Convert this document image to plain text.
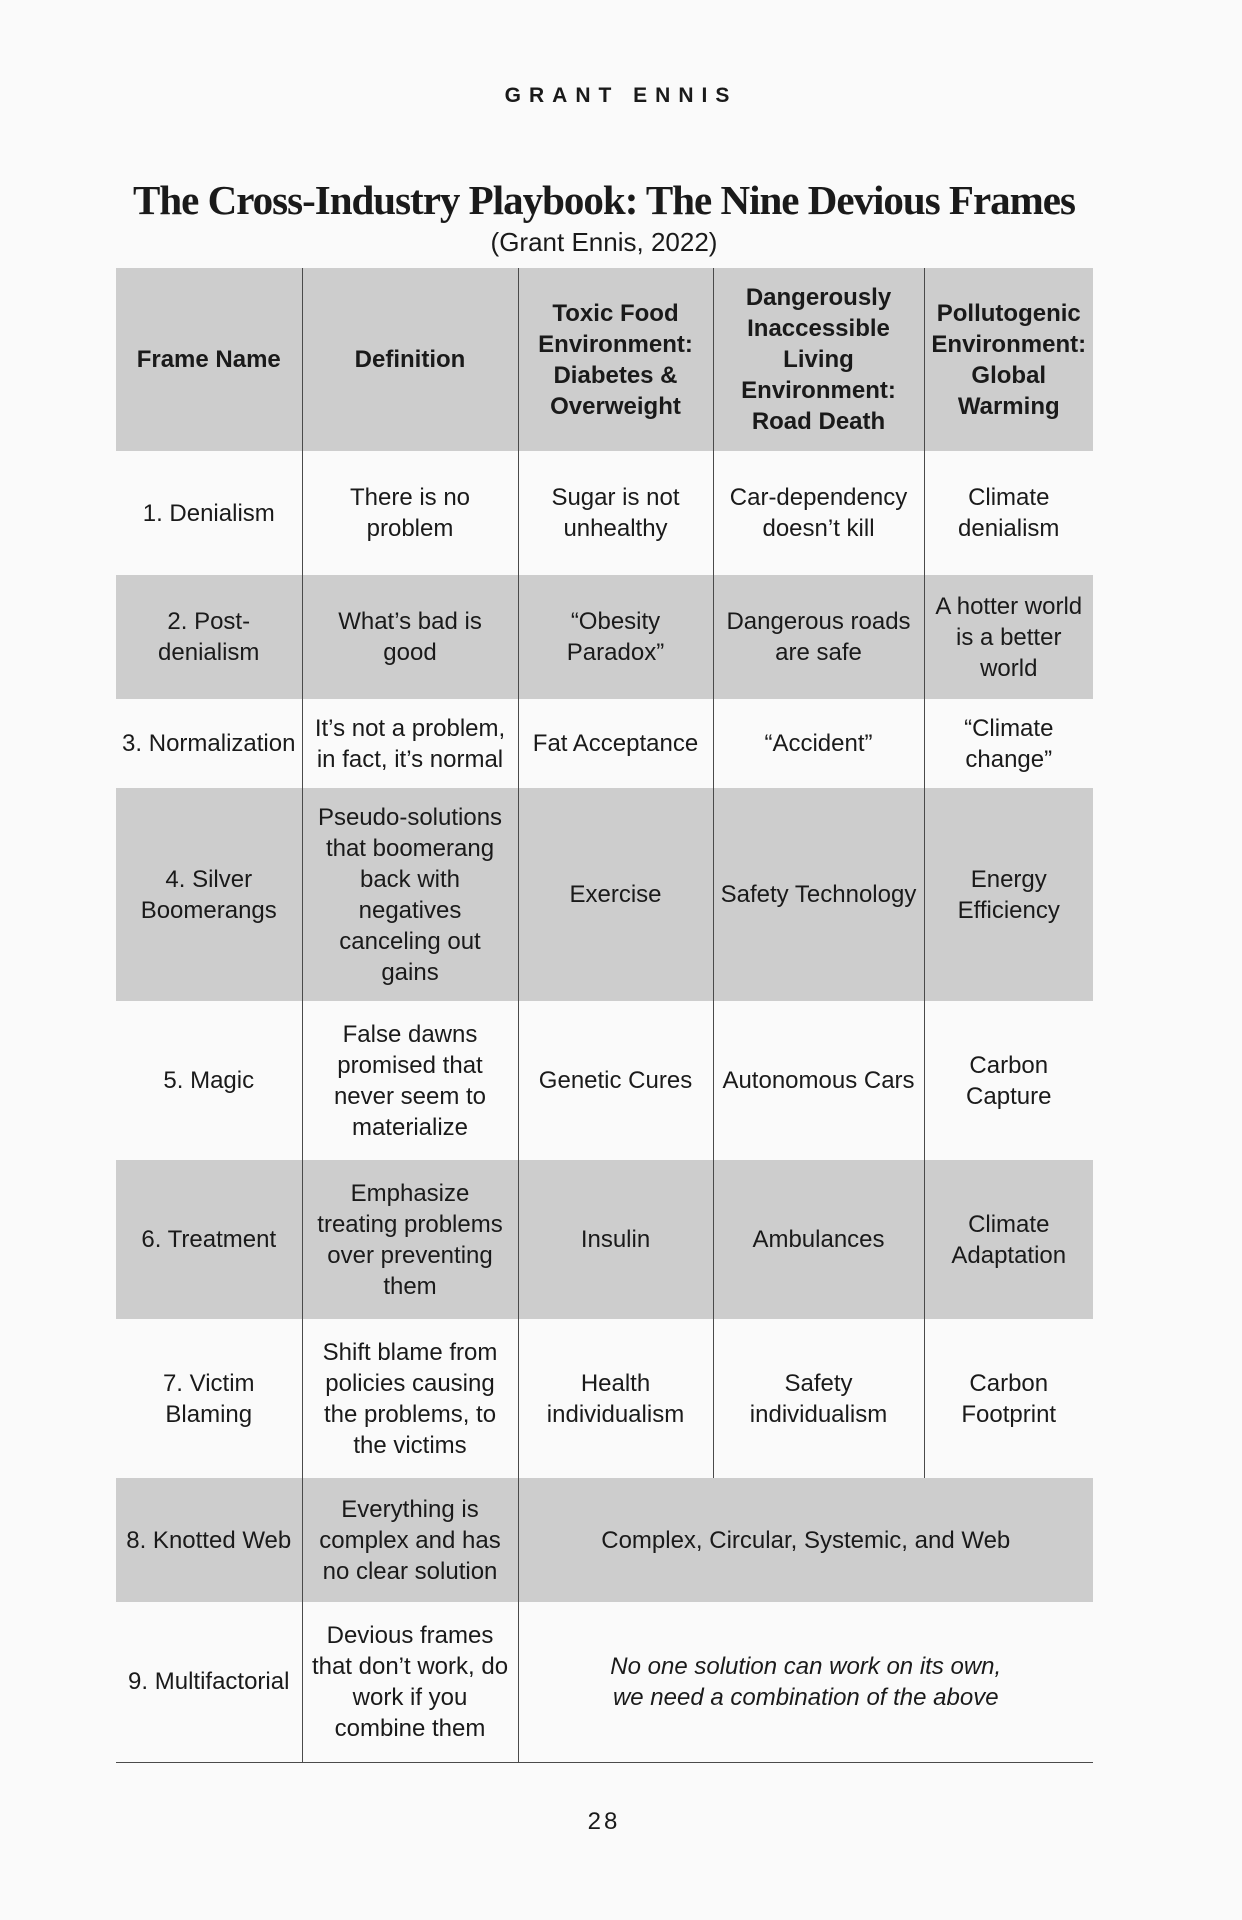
GRANT ENNIS
The Cross-Industry Playbook: The Nine Devious Frames
(Grant Ennis, 2022)
Frame Name	Definition	Toxic Food Environment: Diabetes & Overweight	Dangerously Inaccessible Living Environment: Road Death	Pollutogenic Environment: Global Warming
1. Denialism	There is no problem	Sugar is not unhealthy	Car-dependency doesn’t kill	Climate denialism
2. Post-denialism	What’s bad is good	“Obesity Paradox”	Dangerous roads are safe	A hotter world is a better world
3. Normalization	It’s not a problem, in fact, it’s normal	Fat Acceptance	“Accident”	“Climate change”
4. Silver Boomerangs	Pseudo-solutions that boomerang back with negatives canceling out gains	Exercise	Safety Technology	Energy Efficiency
5. Magic	False dawns promised that never seem to materialize	Genetic Cures	Autonomous Cars	Carbon Capture
6. Treatment	Emphasize treating problems over preventing them	Insulin	Ambulances	Climate Adaptation
7. Victim Blaming	Shift blame from policies causing the problems, to the victims	Health individualism	Safety individualism	Carbon Footprint
8. Knotted Web	Everything is complex and has no clear solution	Complex, Circular, Systemic, and Web		
9. Multifactorial	Devious frames that don’t work, do work if you combine them	No one solution can work on its own, we need a combination of the above		
28
